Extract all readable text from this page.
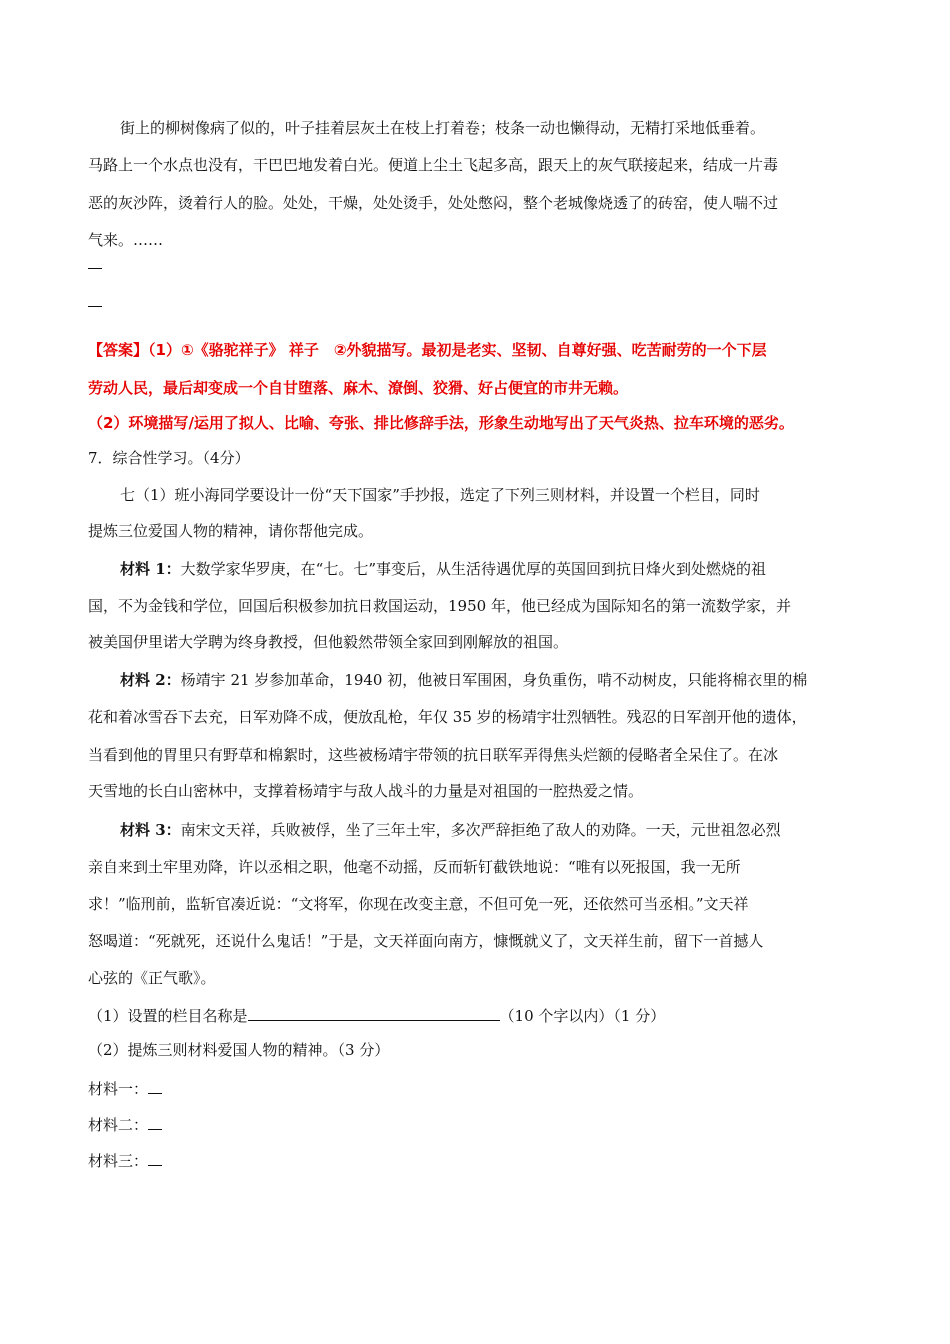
街上的柳树像病了似的，叶子挂着层灰土在枝上打着卷；枝条一动也懒得动，无精打采地低垂着。
马路上一个水点也没有，干巴巴地发着白光。便道上尘土飞起多高，跟天上的灰气联接起来，结成一片毒
恶的灰沙阵，烫着行人的脸。处处，干燥，处处烫手，处处憋闷，整个老城像烧透了的砖窑，使人喘不过
气来。……
【答案】（1）①《骆驼祥子》 祥子　②外貌描写。最初是老实、坚韧、自尊好强、吃苦耐劳的一个下层
劳动人民，最后却变成一个自甘堕落、麻木、潦倒、狡猾、好占便宜的市井无赖。
（2）环境描写/运用了拟人、比喻、夸张、排比修辞手法，形象生动地写出了天气炎热、拉车环境的恶劣。
7．综合性学习。（4分）
七（1）班小海同学要设计一份“天下国家”手抄报，选定了下列三则材料，并设置一个栏目，同时
提炼三位爱国人物的精神，请你帮他完成。
材料 1：大数学家华罗庚，在“七。七”事变后，从生活待遇优厚的英国回到抗日烽火到处燃烧的祖
国，不为金钱和学位，回国后积极参加抗日救国运动，1950 年，他已经成为国际知名的第一流数学家，并
被美国伊里诺大学聘为终身教授，但他毅然带领全家回到刚解放的祖国。
材料 2：杨靖宇 21 岁参加革命，1940 初，他被日军围困，身负重伤，啃不动树皮，只能将棉衣里的棉
花和着冰雪吞下去充，日军劝降不成，便放乱枪，年仅 35 岁的杨靖宇壮烈牺牲。残忍的日军剖开他的遗体，
当看到他的胃里只有野草和棉絮时，这些被杨靖宇带领的抗日联军弄得焦头烂额的侵略者全呆住了。在冰
天雪地的长白山密林中，支撑着杨靖宇与敌人战斗的力量是对祖国的一腔热爱之情。
材料 3：南宋文天祥，兵败被俘，坐了三年土牢，多次严辞拒绝了敌人的劝降。一天，元世祖忽必烈
亲自来到土牢里劝降，许以丞相之职，他毫不动摇，反而斩钉截铁地说：“唯有以死报国，我一无所
求！”临刑前，监斩官凑近说：“文将军，你现在改变主意，不但可免一死，还依然可当丞相。”文天祥
怒喝道：“死就死，还说什么鬼话！”于是，文天祥面向南方，慷慨就义了，文天祥生前，留下一首撼人
心弦的《正气歌》。
（1）设置的栏目名称是	（10 个字以内）（1 分）
（2）提炼三则材料爱国人物的精神。（3 分）
材料一：
材料二：
材料三：
